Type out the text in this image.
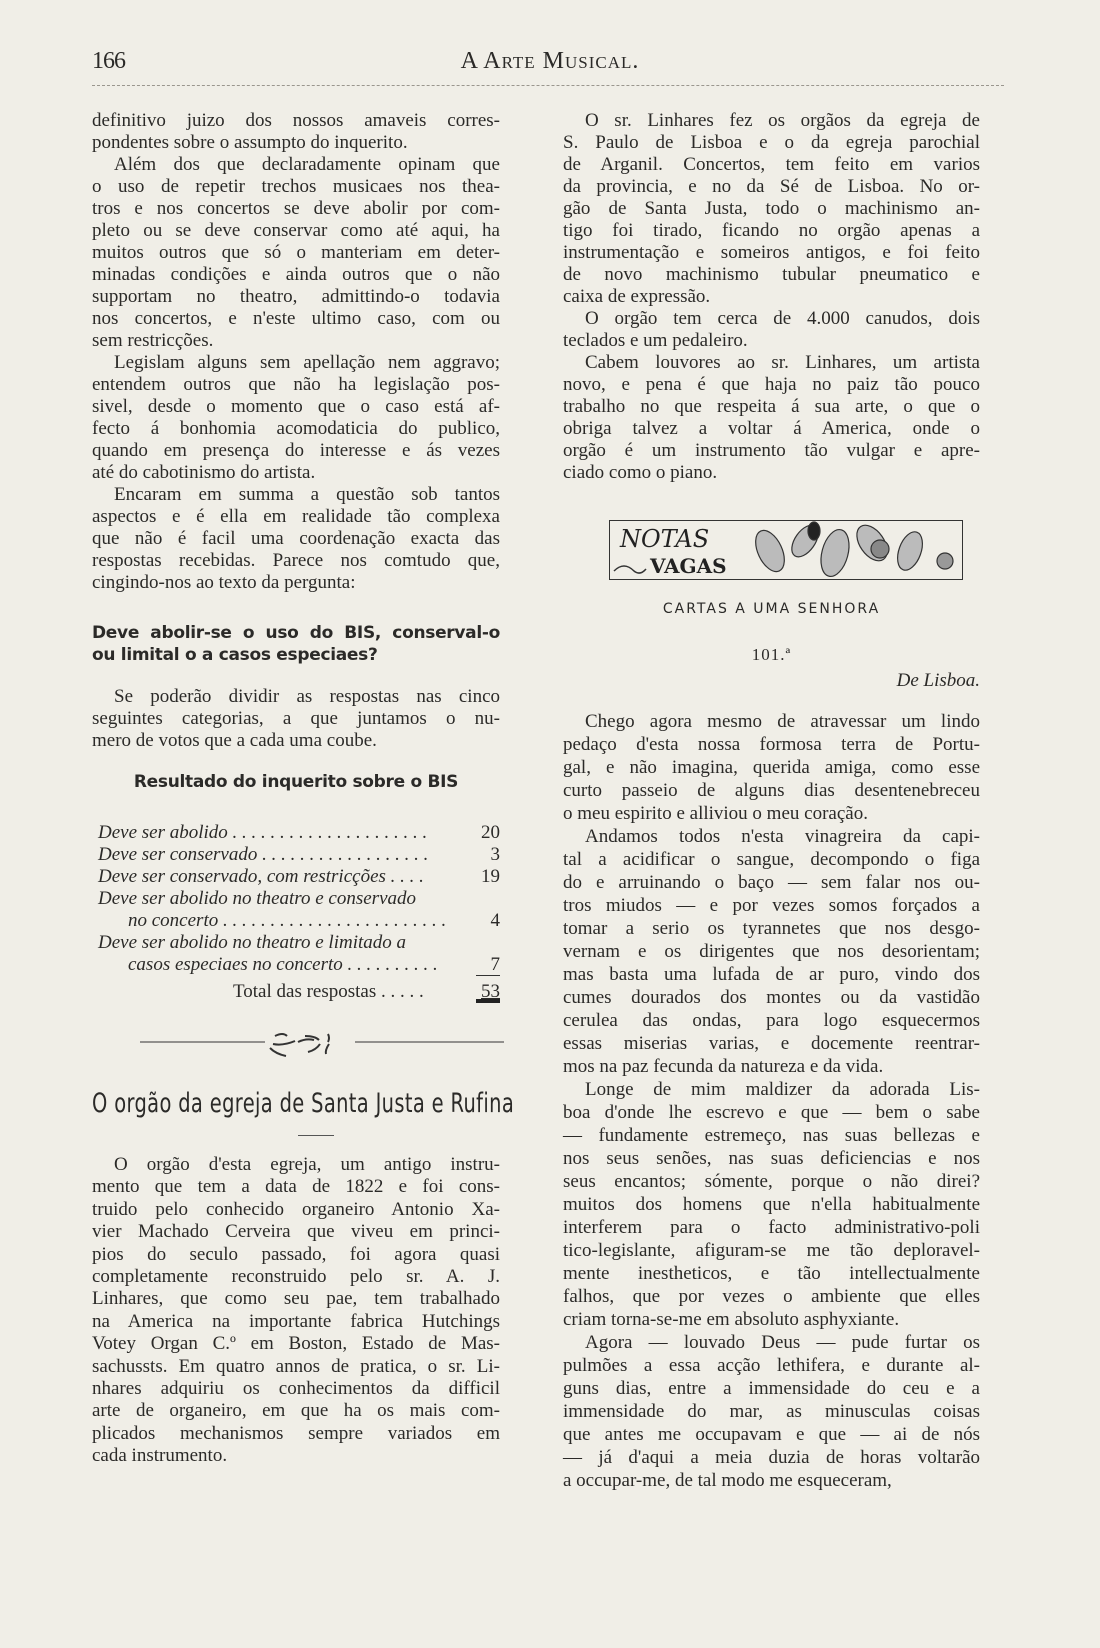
166	A Arte Musical.
definitivo juizo dos nossos amaveis corres-
pondentes sobre o assumpto do inquerito.
Além dos que declaradamente opinam que
o uso de repetir trechos musicaes nos thea-
tros e nos concertos se deve abolir por com-
pleto ou se deve conservar como até aqui, ha
muitos outros que só o manteriam em deter-
minadas condições e ainda outros que o não
supportam no theatro, admittindo-o todavia
nos concertos, e n'este ultimo caso, com ou
sem restricções.
Legislam alguns sem apellação nem aggravo;
entendem outros que não ha legislação pos-
sivel, desde o momento que o caso está af-
fecto á bonhomia acomodaticia do publico,
quando em presença do interesse e ás vezes
até do cabotinismo do artista.
Encaram em summa a questão sob tantos
aspectos e é ella em realidade tão complexa
que não é facil uma coordenação exacta das
respostas recebidas. Parece nos comtudo que,
cingindo-nos ao texto da pergunta:
Deve abolir-se o uso do BIS, conserval-o
ou limital o a casos especiaes?
Se poderão dividir as respostas nas cinco
seguintes categorias, a que juntamos o nu-
mero de votos que a cada uma coube.
Resultado do inquerito sobre o BIS
Deve ser abolido . . . . . . . . . . . . . . . . . . . . .	20
Deve ser conservado . . . . . . . . . . . . . . . . . .	3
Deve ser conservado, com restricções . . . .	19
Deve ser abolido no theatro e conservado
no concerto . . . . . . . . . . . . . . . . . . . . . . . .	4
Deve ser abolido no theatro e limitado a
casos especiaes no concerto . . . . . . . . . .	7
Total das respostas . . . . .	53
O orgão da egreja de Santa Justa e Rufina
O orgão d'esta egreja, um antigo instru-
mento que tem a data de 1822 e foi cons-
truido pelo conhecido organeiro Antonio Xa-
vier Machado Cerveira que viveu em princi-
pios do seculo passado, foi agora quasi
completamente reconstruido pelo sr. A. J.
Linhares, que como seu pae, tem trabalhado
na America na importante fabrica Hutchings
Votey Organ C.º em Boston, Estado de Mas-
sachussts. Em quatro annos de pratica, o sr. Li-
nhares adquiriu os conhecimentos da difficil
arte de organeiro, em que ha os mais com-
plicados mechanismos sempre variados em
cada instrumento.
O sr. Linhares fez os orgãos da egreja de
S. Paulo de Lisboa e o da egreja parochial
de Arganil. Concertos, tem feito em varios
da provincia, e no da Sé de Lisboa. No or-
gão de Santa Justa, todo o machinismo an-
tigo foi tirado, ficando no orgão apenas a
instrumentação e someiros antigos, e foi feito
de novo machinismo tubular pneumatico e
caixa de expressão.
O orgão tem cerca de 4.000 canudos, dois
teclados e um pedaleiro.
Cabem louvores ao sr. Linhares, um artista
novo, e pena é que haja no paiz tão pouco
trabalho no que respeita á sua arte, o que o
obriga talvez a voltar á America, onde o
orgão é um instrumento tão vulgar e apre-
ciado como o piano.
NOTAS
VAGAS
CARTAS A UMA SENHORA
101.ª
De Lisboa.
Chego agora mesmo de atravessar um lindo
pedaço d'esta nossa formosa terra de Portu-
gal, e não imagina, querida amiga, como esse
curto passeio de alguns dias desentenebreceu
o meu espirito e alliviou o meu coração.
Andamos todos n'esta vinagreira da capi-
tal a acidificar o sangue, decompondo o figa
do e arruinando o baço — sem falar nos ou-
tros miudos — e por vezes somos forçados a
tomar a serio os tyrannetes que nos desgo-
vernam e os dirigentes que nos desorientam;
mas basta uma lufada de ar puro, vindo dos
cumes dourados dos montes ou da vastidão
cerulea das ondas, para logo esquecermos
essas miserias varias, e docemente reentrar-
mos na paz fecunda da natureza e da vida.
Longe de mim maldizer da adorada Lis-
boa d'onde lhe escrevo e que — bem o sabe
— fundamente estremeço, nas suas bellezas e
nos seus senões, nas suas deficiencias e nos
seus encantos; sómente, porque o não direi?
muitos dos homens que n'ella habitualmente
interferem para o facto administrativo-poli
tico-legislante, afiguram-se me tão deploravel-
mente inestheticos, e tão intellectualmente
falhos, que por vezes o ambiente que elles
criam torna-se-me em absoluto asphyxiante.
Agora — louvado Deus — pude furtar os
pulmões a essa acção lethifera, e durante al-
guns dias, entre a immensidade do ceu e a
immensidade do mar, as minusculas coisas
que antes me occupavam e que — ai de nós
— já d'aqui a meia duzia de horas voltarão
a occupar-me, de tal modo me esqueceram,
